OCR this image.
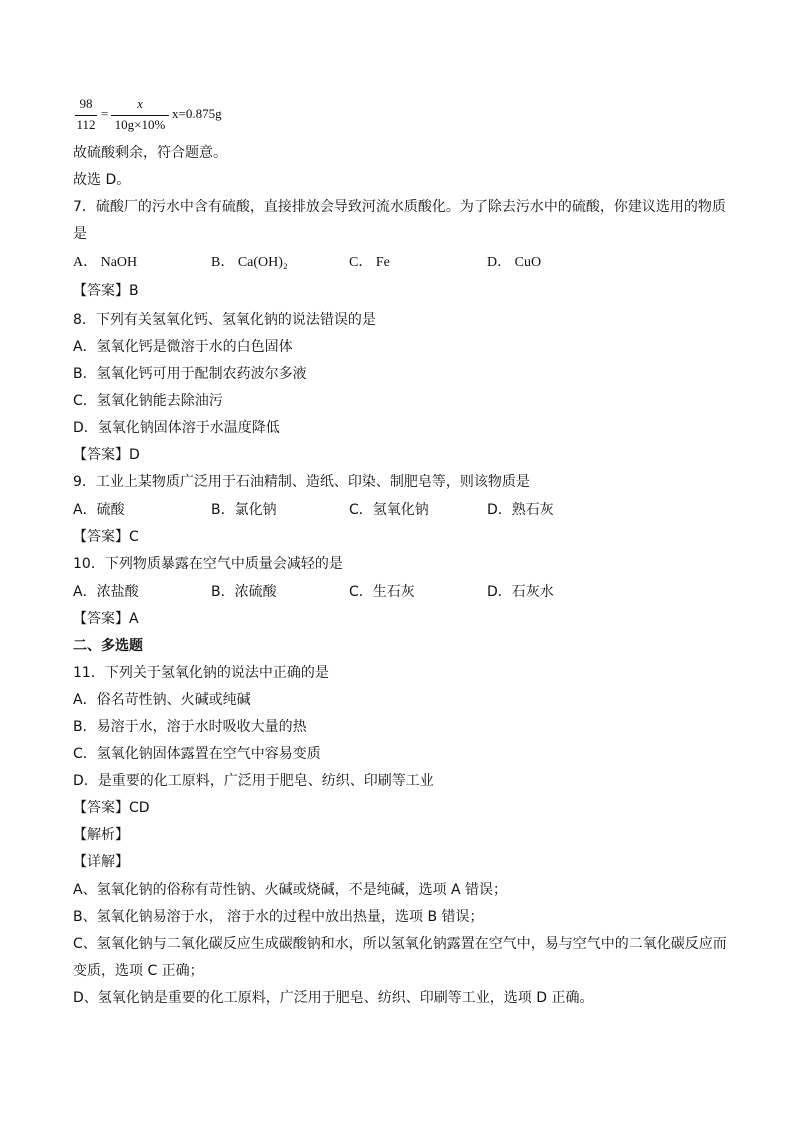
98
112
=
x
10g×10%
x=0.875g
故硫酸剩余，符合题意。
故选 D。
7．硫酸厂的污水中含有硫酸，直接排放会导致河流水质酸化。为了除去污水中的硫酸，你建议选用的物质
是
A． NaOH	B． Ca(OH)₂	C． Fe	D． CuO
【答案】B
8．下列有关氢氧化钙、氢氧化钠的说法错误的是
A．氢氧化钙是微溶于水的白色固体
B．氢氧化钙可用于配制农药波尔多液
C．氢氧化钠能去除油污
D．氢氧化钠固体溶于水温度降低
【答案】D
9．工业上某物质广泛用于石油精制、造纸、印染、制肥皂等，则该物质是
A．硫酸	B．氯化钠	C．氢氧化钠	D．熟石灰
【答案】C
10．下列物质暴露在空气中质量会减轻的是
A．浓盐酸	B．浓硫酸	C．生石灰	D．石灰水
【答案】A
二、多选题
11．下列关于氢氧化钠的说法中正确的是
A．俗名苛性钠、火碱或纯碱
B．易溶于水，溶于水时吸收大量的热
C．氢氧化钠固体露置在空气中容易变质
D．是重要的化工原料，广泛用于肥皂、纺织、印刷等工业
【答案】CD
【解析】
【详解】
A、氢氧化钠的俗称有苛性钠、火碱或烧碱，不是纯碱，选项 A 错误；
B、氢氧化钠易溶于水， 溶于水的过程中放出热量，选项 B 错误；
C、氢氧化钠与二氧化碳反应生成碳酸钠和水，所以氢氧化钠露置在空气中，易与空气中的二氧化碳反应而
变质，选项 C 正确；
D、氢氧化钠是重要的化工原料，广泛用于肥皂、纺织、印刷等工业，选项 D 正确。
